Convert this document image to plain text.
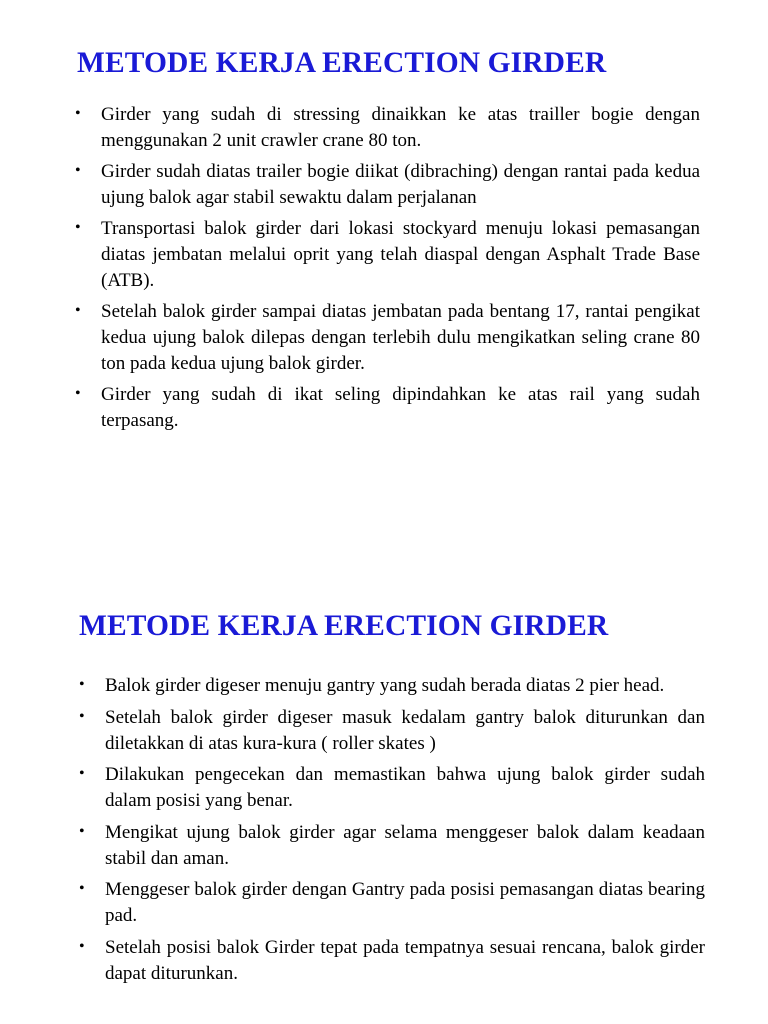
METODE KERJA ERECTION GIRDER
•	Girder yang sudah di stressing dinaikkan ke atas trailler bogie dengan menggunakan 2 unit crawler crane 80 ton.
•	Girder sudah diatas trailer bogie diikat (dibraching) dengan rantai pada kedua ujung balok agar stabil sewaktu dalam perjalanan
•	Transportasi balok girder dari lokasi stockyard menuju lokasi pemasangan diatas jembatan melalui oprit yang telah diaspal dengan Asphalt Trade Base (ATB).
•	Setelah balok girder sampai diatas jembatan pada bentang 17, rantai pengikat kedua ujung balok dilepas dengan terlebih dulu mengikatkan seling crane 80 ton pada kedua ujung balok girder.
•	Girder yang sudah di ikat seling dipindahkan ke atas rail yang sudah terpasang.
METODE KERJA ERECTION GIRDER
•	Balok girder digeser menuju gantry yang sudah berada diatas 2 pier head.
•	Setelah balok girder digeser masuk kedalam gantry balok diturunkan dan diletakkan di atas kura-kura ( roller skates )
•	Dilakukan pengecekan dan memastikan bahwa ujung balok girder sudah dalam posisi yang benar.
•	Mengikat ujung balok girder agar selama menggeser balok dalam keadaan stabil dan aman.
•	Menggeser balok girder dengan Gantry pada posisi pemasangan diatas bearing pad.
•	Setelah posisi balok Girder tepat pada tempatnya sesuai rencana, balok girder dapat diturunkan.
